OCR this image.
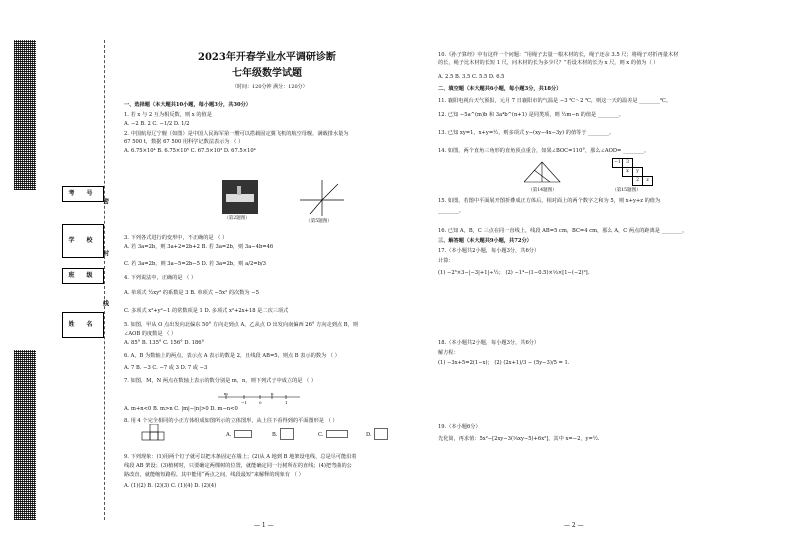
考 号
学 校
班 级
姓 名
密
封
线
2023年开春学业水平调研诊断
七年级数学试题
（时间：120分钟 满分：120分）
一、选择题（本大题共10小题，每小题3分，共30分）
1. 若 x 与 2 互为相反数，则 x 的值是
A. −2 B. 2 C. −1/2 D. 1/2
2. 中国航母辽宁舰（如图）是中国人民海军第一艘可以搭载固定翼飞机的航空母舰，满载排水量为
67 500 t，数据 67 500 用科学记数法表示为 （ ）
A. 6.75×10⁴ B. 6.75×10⁵ C. 67.5×10³ D. 67.5×10⁴
3. 下列各式进行的变形中，不正确的是 （ ）
A. 若 3a=2b，则 3a+2=2b+2 B. 若 3a=2b，则 3a−4b=46
C. 若 3a=2b，则 3a−5=2b−5 D. 若 3a=2b，则 a/2=b/3
4. 下列说法中，正确的是 （ ）
A. 单项式 ½xy² 的系数是 3 B. 单项式 −5x² 的次数为 −5
C. 多项式 x²+y²−1 的常数项是 1 D. 多项式 x²+2x+18 是二次三项式
5. 如图，甲从 O 点出发向北偏东 50° 方向走到点 A，乙从点 O 出发向南偏西 26° 方向走到点 B，则
∠AOB 的度数是 （ ）
A. 85° B. 135° C. 156° D. 186°
6. A，B 为数轴上的两点，表示点 A 表示的数是 2，且线段 AB=5，则点 B 表示的数为 （ ）
A. 7 B. −3 C. −7 或 3 D. 7 或 −3
7. 如图，M，N 两点在数轴上表示的数分别是 m，n，则下列式子中成立的是 （ ）
A. m+n<0 B. m>n C. |m|−|n|>0 D. m−n<0
8. 用 4 个完全相同的小正方体组成如图所示的立体图形，从上往下看得到的平面图形是 （ ）
9. 下列现象：(1)用两个钉子就可以把木条固定在墙上；(2)从 A 地到 B 地架设电线，总是尽可能沿着
线段 AB 架设；(3)植树时，只要确定两棵树的位置，就能确定同一行树所在的直线；(4)把弯曲的公
路改直，就能缩短路程。其中能用“两点之间，线段最短”来解释的现象有 （ ）
A. (1)(2) B. (2)(3) C. (1)(4) D. (2)(4)
（第2题图）
（第5题图）
m
−1	0
n
1
A.	B.	C.	D.
— 1 —
10.《孙子算经》中有这样一个问题：“用绳子去量一根木材的长，绳子还余 3.5 尺；将绳子对折再量木材
的长，绳子比木材的长短 1 尺，问木材的长为多少尺？”若设木材的长为 x 尺，则 x 的值为（ ）
A. 2.5 B. 3.5 C. 5.5 D. 6.5
二、填空题（本大题共6小题，每小题3分，共18分）
11. 襄阳电视台天气预报，元月 7 日襄阳市的气温是 −3 ℃～2 ℃，则这一天的温差是 ________℃。
12. 已知 −5a^(m)b 和 3a⁴b^(n+1) 是同类项，则 ½m−n 的值是 ________。
13. 已知 xy=1，x+y=½，则多项式 y−(xy−4x−3y) 的值等于 ________。
14. 如图，两个直角三角形的直角顶点重合，如果∠BOC=110°，那么∠AOD= ________。
15. 如图，若图中平面展开图折叠成正方体后，相对面上的两个数字之和为 5，则 x+y+z 的值为
________。
16. 已知 A，B，C 三点在同一直线上，线段 AB=5 cm，BC=4 cm，那么 A，C 两点的距离是 ________。
三、解答题（本大题共9小题，共72分）
17.（本小题共2小题，每小题3分，共6分）
计算：
(1) −2³×3−|−3|+1|÷½； (2) −1⁴−(1−0.5)×⅓×[1−(−2)²].
18.（本小题共2小题，每小题3分，共6分）
解方程：
(1) −3x+5=2(1−x)； (2) (2x+1)/3 − (5y−3)/5 = 1.
19.（本小题6分）
先化简，再求值：5x²−[2xy−3(⅓xy−5)+6x²]，其中 x=−2，y=½.
（第14题图）
−1	3
x	y
2	z
（第15题图）
— 2 —
